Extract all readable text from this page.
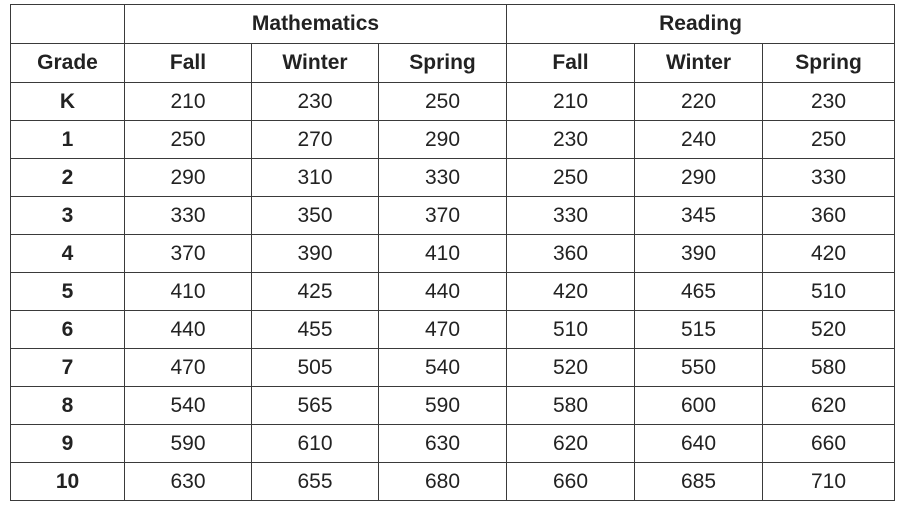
	Mathematics			Reading		
Grade	Fall	Winter	Spring	Fall	Winter	Spring
K	210	230	250	210	220	230
1	250	270	290	230	240	250
2	290	310	330	250	290	330
3	330	350	370	330	345	360
4	370	390	410	360	390	420
5	410	425	440	420	465	510
6	440	455	470	510	515	520
7	470	505	540	520	550	580
8	540	565	590	580	600	620
9	590	610	630	620	640	660
10	630	655	680	660	685	710
